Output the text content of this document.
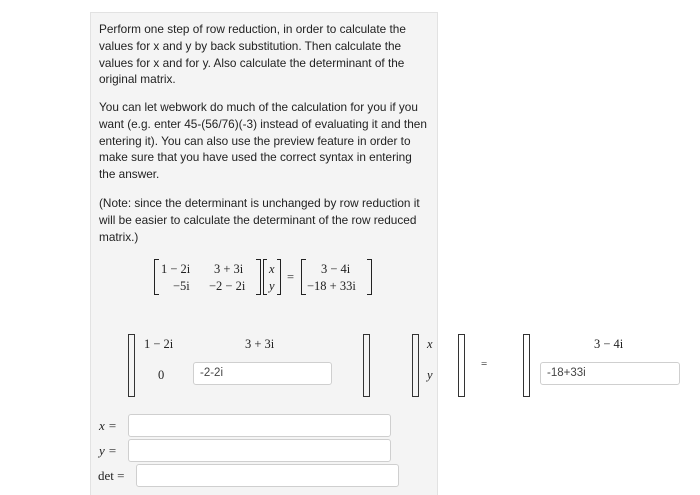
Perform one step of row reduction, in order to calculate the values for x and y by back substitution. Then calculate the values for x and for y. Also calculate the determinant of the original matrix.

You can let webwork do much of the calculation for you if you want (e.g. enter 45-(56/76)(-3) instead of evaluating it and then entering it). You can also use the preview feature in order to make sure that you have used the correct syntax in entering the answer.

(Note: since the determinant is unchanged by row reduction it will be easier to calculate the determinant of the row reduced matrix.)

1 − 2i 3 + 3i
−5i −2 − 2i
x
y
=
3 − 4i
−18 + 33i
1 − 2i	3 + 3i
0	-2-2i
x
y
=
3 − 4i
-18+33i
x =
y =
det =
